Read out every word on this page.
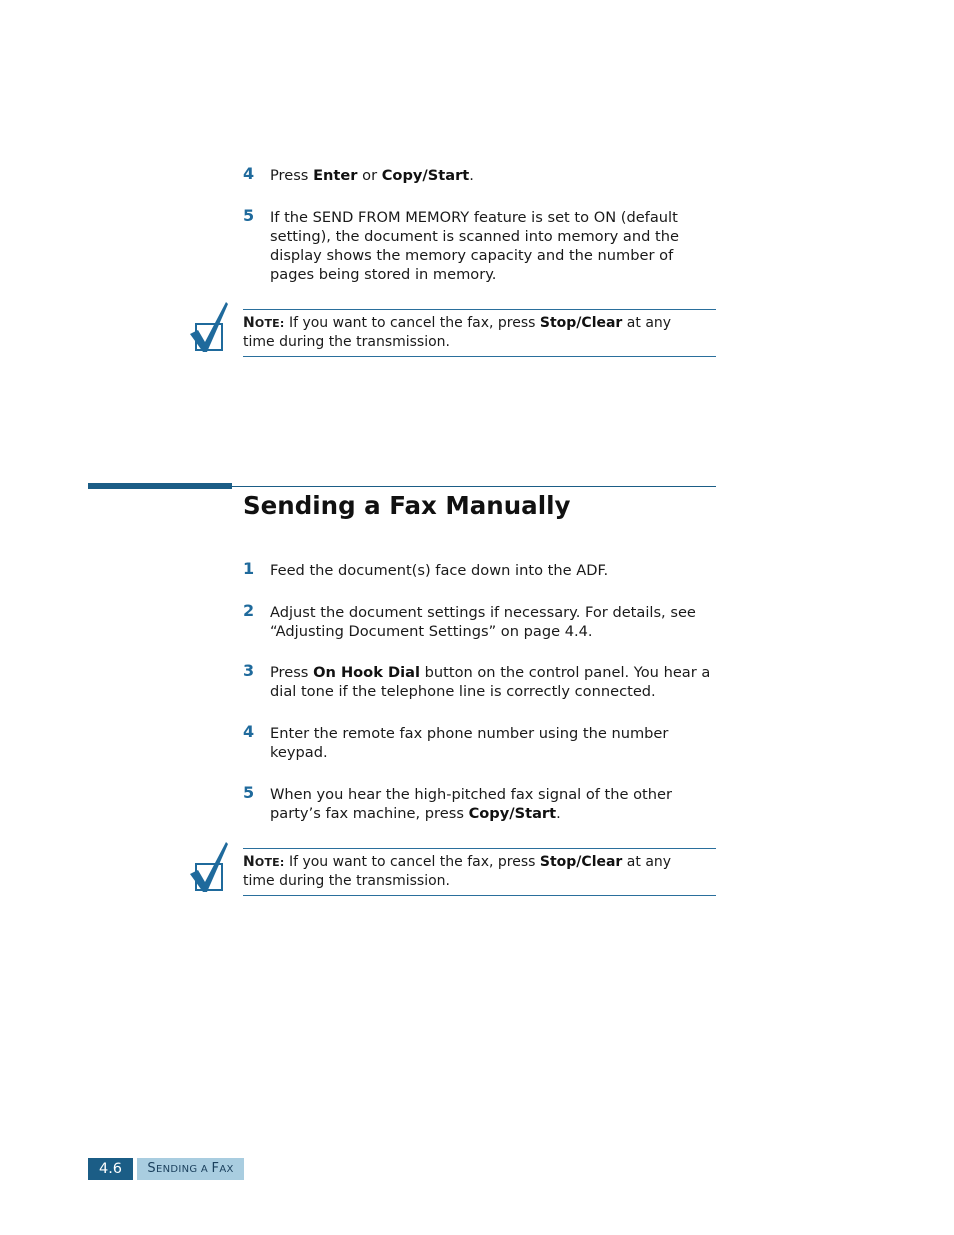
4 Press Enter or Copy/Start.
5 If the SEND FROM MEMORY feature is set to ON (default
setting), the document is scanned into memory and the
display shows the memory capacity and the number of
pages being stored in memory.
NOTE: If you want to cancel the fax, press Stop/Clear at any
time during the transmission.
Sending a Fax Manually
1 Feed the document(s) face down into the ADF.
2 Adjust the document settings if necessary. For details, see
“Adjusting Document Settings” on page 4.4.
3 Press On Hook Dial button on the control panel. You hear a
dial tone if the telephone line is correctly connected.
4 Enter the remote fax phone number using the number
keypad.
5 When you hear the high-pitched fax signal of the other
party’s fax machine, press Copy/Start.
NOTE: If you want to cancel the fax, press Stop/Clear at any
time during the transmission.
4.6	SENDING A FAX
